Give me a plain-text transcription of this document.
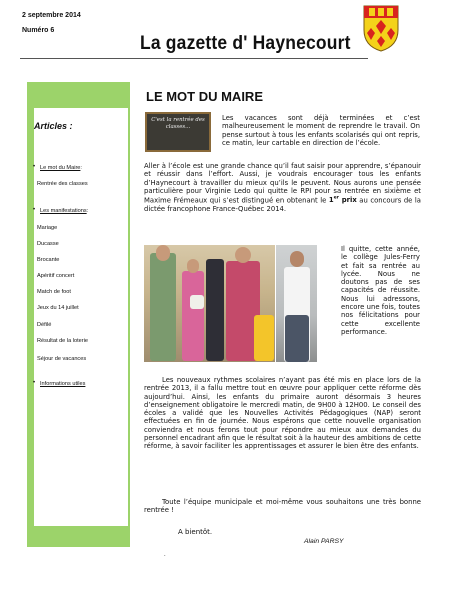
2 septembre 2014
Numéro 6
La gazette d' Haynecourt
Articles :
• Le mot du Maire:
Rentrée des classes
• Les manifestations:
Mariage
Ducasse
Brocante
Apéritif concert
Match de foot
Jeux du 14 juillet
Défilé
Résultat de la loterie
Séjour de vacances
• Informations utiles
LE MOT DU MAIRE
C'est la rentrée des classes...
Les vacances sont déjà terminées et c’est malheureusement le moment de reprendre le travail. On pense surtout à tous les enfants scolarisés qui ont repris, ce matin, leur cartable en direction de l’école.
Aller à l’école est une grande chance qu’il faut saisir pour apprendre, s’épanouir et réussir dans l’effort. Aussi, je voudrais encourager tous les enfants d’Haynecourt à travailler du mieux qu’ils le peuvent. Nous aurons une pensée particulière pour Virginie Ledo qui quitte le RPI pour sa rentrée en sixième et Maxime Frémeaux qui s’est distingué en obtenant le 1er prix au concours de la dictée francophone France-Québec 2014.
Il quitte, cette année, le collège Jules-Ferry et fait sa rentrée au lycée. Nous ne doutons pas de ses capacités de réussite. Nous lui adressons, encore une fois, toutes nos félicitations pour cette excellente performance.
Les nouveaux rythmes scolaires n’ayant pas été mis en place lors de la rentrée 2013, il a fallu mettre tout en œuvre pour appliquer cette réforme dès aujourd’hui. Ainsi, les enfants du primaire auront désormais 3 heures d’enseignement obligatoire le mercredi matin, de 9H00 à 12H00. Le conseil des écoles a validé que les Nouvelles Activités Pédagogiques (NAP) seront effectuées en fin de journée. Nous espérons que cette nouvelle organisation conviendra et nous ferons tout pour répondre au mieux aux demandes du personnel encadrant afin que le résultat soit à la hauteur des ambitions de cette réforme, à savoir faciliter les apprentissages et assurer le bien être des enfants.
Toute l’équipe municipale et moi-même vous souhaitons une très bonne rentrée !
A bientôt.
Alain PARSY
.
